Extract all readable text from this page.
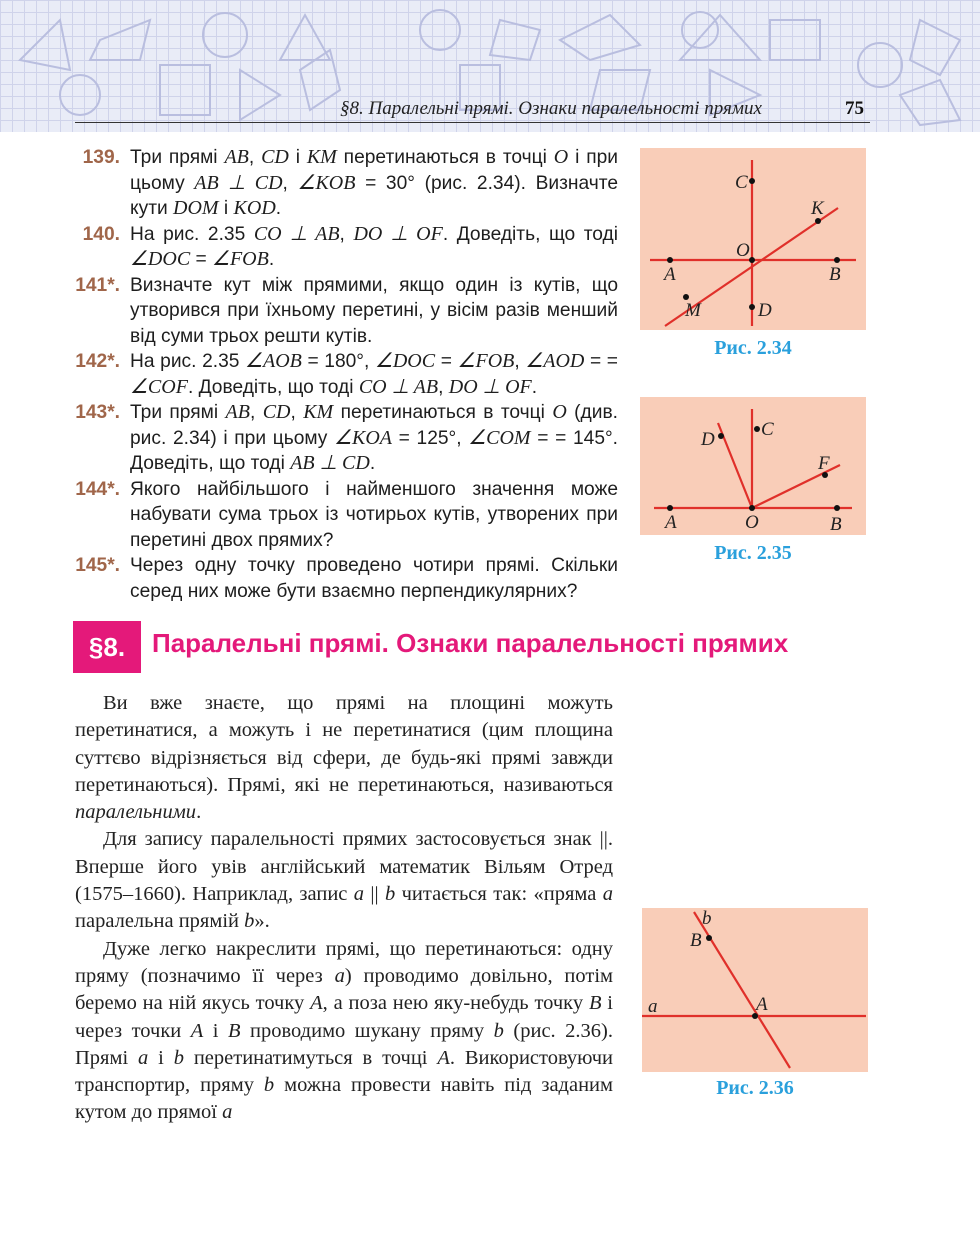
§8. Паралельні прямі. Ознаки паралельності прямих	75
139. Три прямі AB, CD і KM перетинаються в точці O і при цьому AB ⊥ CD, ∠KOB = 30° (рис. 2.34). Визначте кути DOM і KOD.
140. На рис. 2.35 CO ⊥ AB, DO ⊥ OF. Доведіть, що тоді ∠DOC = ∠FOB.
141*. Визначте кут між прямими, якщо один із кутів, що утворився при їхньому перетині, у вісім разів менший від суми трьох решти кутів.
142*. На рис. 2.35 ∠AOB = 180°, ∠DOC = ∠FOB, ∠AOD = = ∠COF. Доведіть, що тоді CO ⊥ AB, DO ⊥ OF.
143*. Три прямі AB, CD, KM перетинаються в точці O (див. рис. 2.34) і при цьому ∠KOA = 125°, ∠COM = = 145°. Доведіть, що тоді AB ⊥ CD.
144*. Якого найбільшого і найменшого значення може набувати сума трьох із чотирьох кутів, утворених при перетині двох прямих?
145*. Через одну точку проведено чотири прямі. Скільки серед них може бути взаємно перпендикулярних?
C
K
O
A	B
M	D
Рис. 2.34
D C
F
A	O	B
Рис. 2.35
§8.	Паралельні прямі. Ознаки паралельності прямих

Ви вже знаєте, що прямі на площині можуть перетинатися, а можуть і не перетинатися (цим площина суттєво відрізняється від сфери, де будь-які прямі завжди перетинаються). Прямі, які не перетинаються, називаються паралельними.

Для запису паралельності прямих застосовується знак ||. Вперше його увів англійський математик Вільям Отред (1575–1660). Наприклад, запис a || b читається так: «пряма a паралельна прямій b».

Дуже легко накреслити прямі, що перетинаються: одну пряму (позначимо її через a) проводимо довільно, потім беремо на ній якусь точку A, а поза нею яку-небудь точку B і через точки A і B проводимо шукану пряму b (рис. 2.36). Прямі a і b перетинатимуться в точці A. Використовуючи транспортир, пряму b можна провести навіть під заданим кутом до прямої a

b
B
a	A
Рис. 2.36
